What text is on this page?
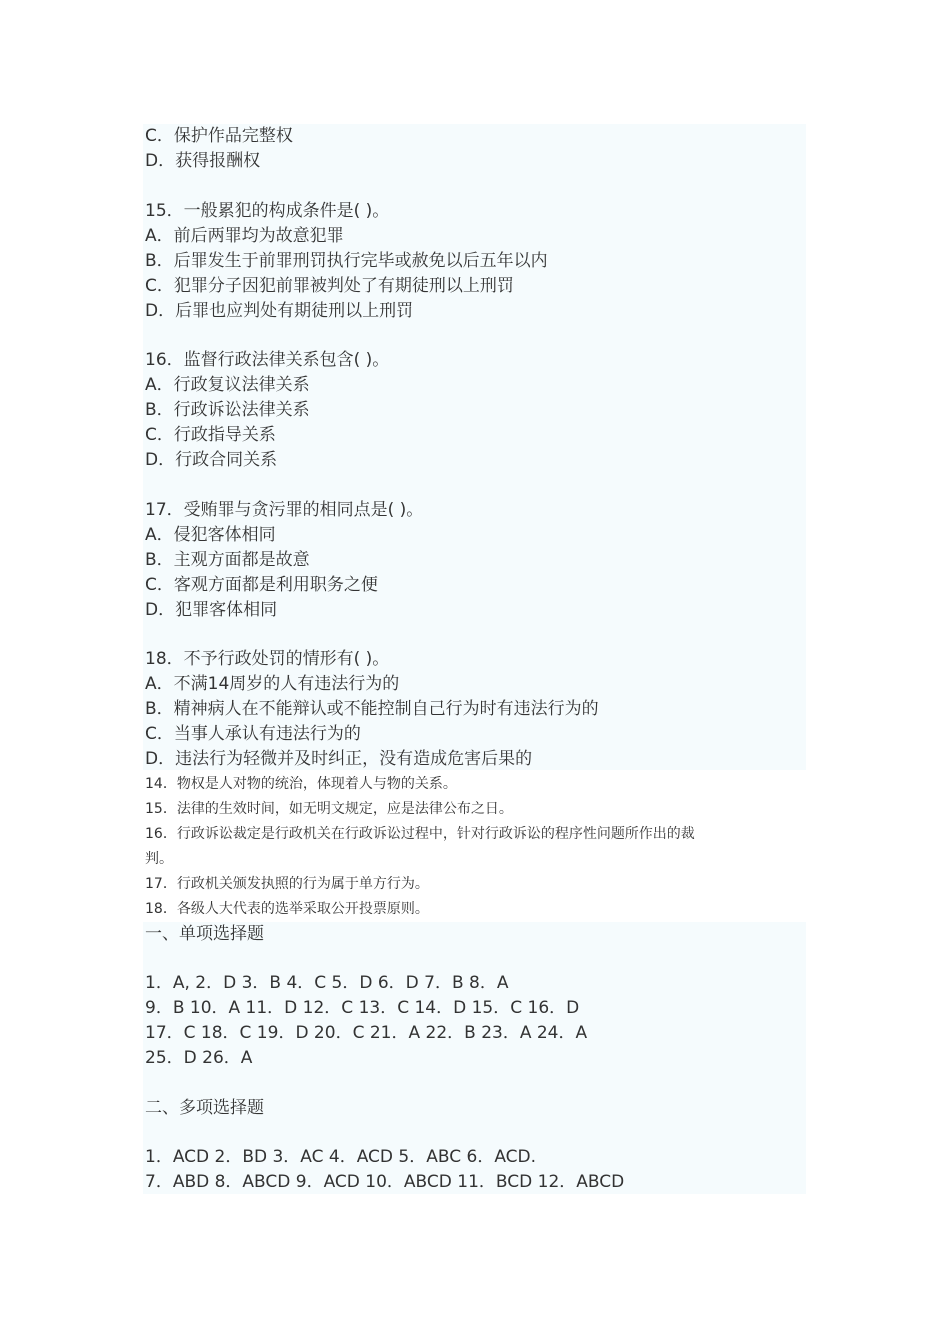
C．保护作品完整权
D．获得报酬权
15．一般累犯的构成条件是( )。
A．前后两罪均为故意犯罪
B．后罪发生于前罪刑罚执行完毕或赦免以后五年以内
C．犯罪分子因犯前罪被判处了有期徒刑以上刑罚
D．后罪也应判处有期徒刑以上刑罚
16．监督行政法律关系包含( )。
A．行政复议法律关系
B．行政诉讼法律关系
C．行政指导关系
D．行政合同关系
17．受贿罪与贪污罪的相同点是( )。
A．侵犯客体相同
B．主观方面都是故意
C．客观方面都是利用职务之便
D．犯罪客体相同
18．不予行政处罚的情形有( )。
A．不满14周岁的人有违法行为的
B．精神病人在不能辩认或不能控制自己行为时有违法行为的
C．当事人承认有违法行为的
D．违法行为轻微并及时纠正，没有造成危害后果的
14．物权是人对物的统治，体现着人与物的关系。
15．法律的生效时间，如无明文规定，应是法律公布之日。
16．行政诉讼裁定是行政机关在行政诉讼过程中，针对行政诉讼的程序性问题所作出的裁
判。
17．行政机关颁发执照的行为属于单方行为。
18．各级人大代表的选举采取公开投票原则。
一、单项选择题
1．A, 2．D 3．B 4．C 5．D 6．D 7．B 8．A
9．B 10．A 11．D 12．C 13．C 14．D 15．C 16．D
17．C 18．C 19．D 20．C 21．A 22．B 23．A 24．A
25．D 26．A
二、多项选择题
1．ACD 2．BD 3．AC 4．ACD 5．ABC 6．ACD.
7．ABD 8．ABCD 9．ACD 10．ABCD 11．BCD 12．ABCD
